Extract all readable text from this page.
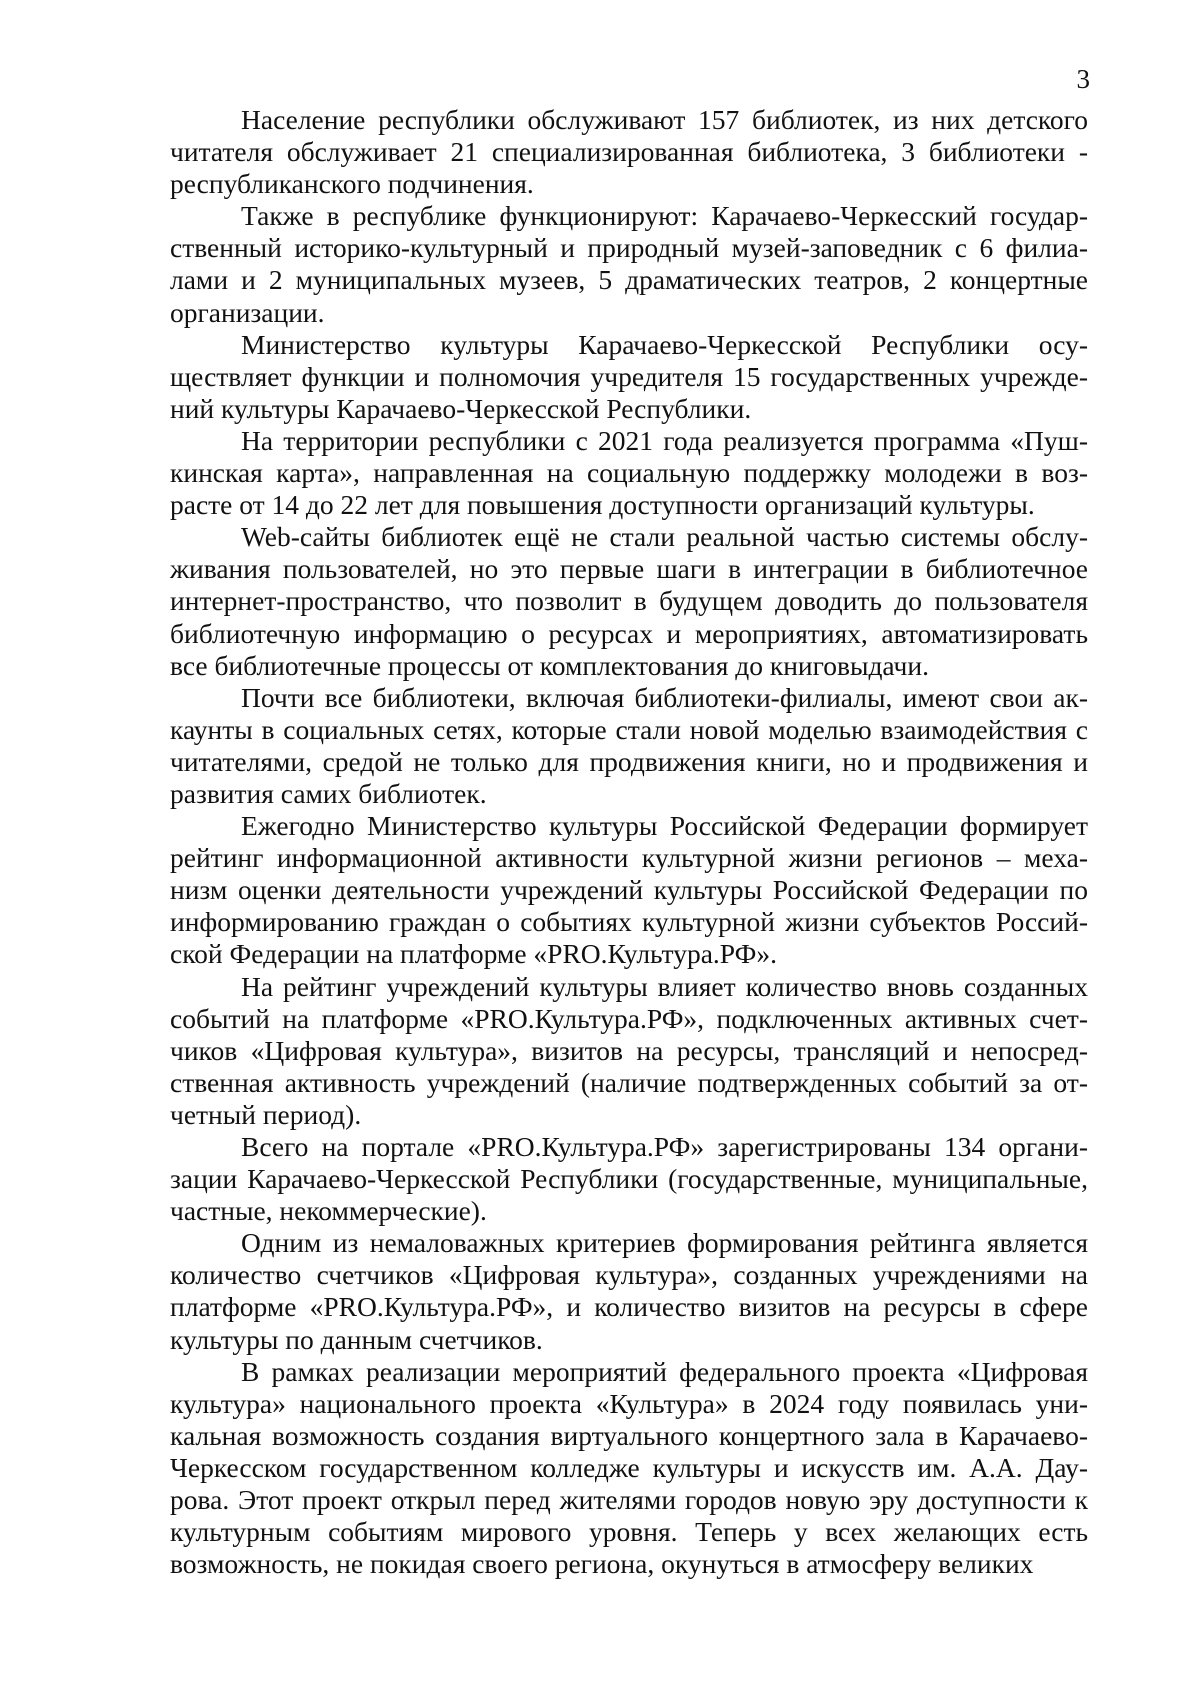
3

Население республики обслуживают 157 библиотек, из них детского читателя обслуживает 21 специализированная библиотека, 3 библиотеки - республиканского подчинения.

Также в республике функционируют: Карачаево-Черкесский государственный историко-культурный и природный музей-заповедник с 6 филиалами и 2 муниципальных музеев, 5 драматических театров, 2 концертные организации.

Министерство культуры Карачаево-Черкесской Республики осуществляет функции и полномочия учредителя 15 государственных учреждений культуры Карачаево-Черкесской Республики.

На территории республики с 2021 года реализуется программа «Пушкинская карта», направленная на социальную поддержку молодежи в возрасте от 14 до 22 лет для повышения доступности организаций культуры.

Web-сайты библиотек ещё не стали реальной частью системы обслуживания пользователей, но это первые шаги в интеграции в библиотечное интернет-пространство, что позволит в будущем доводить до пользователя библиотечную информацию о ресурсах и мероприятиях, автоматизировать все библиотечные процессы от комплектования до книговыдачи.

Почти все библиотеки, включая библиотеки-филиалы, имеют свои аккаунты в социальных сетях, которые стали новой моделью взаимодействия с читателями, средой не только для продвижения книги, но и продвижения и развития самих библиотек.

Ежегодно Министерство культуры Российской Федерации формирует рейтинг информационной активности культурной жизни регионов – механизм оценки деятельности учреждений культуры Российской Федерации по информированию граждан о событиях культурной жизни субъектов Российской Федерации на платформе «PRO.Культура.РФ».

На рейтинг учреждений культуры влияет количество вновь созданных событий на платформе «PRO.Культура.РФ», подключенных активных счетчиков «Цифровая культура», визитов на ресурсы, трансляций и непосредственная активность учреждений (наличие подтвержденных событий за отчетный период).

Всего на портале «PRO.Культура.РФ» зарегистрированы 134 организации Карачаево-Черкесской Республики (государственные, муниципальные, частные, некоммерческие).

Одним из немаловажных критериев формирования рейтинга является количество счетчиков «Цифровая культура», созданных учреждениями на платформе «PRO.Культура.РФ», и количество визитов на ресурсы в сфере культуры по данным счетчиков.

В рамках реализации мероприятий федерального проекта «Цифровая культура» национального проекта «Культура» в 2024 году появилась уникальная возможность создания виртуального концертного зала в Карачаево-Черкесском государственном колледже культуры и искусств им. А.А. Даурова. Этот проект открыл перед жителями городов новую эру доступности к культурным событиям мирового уровня. Теперь у всех желающих есть возможность, не покидая своего региона, окунуться в атмосферу великих
